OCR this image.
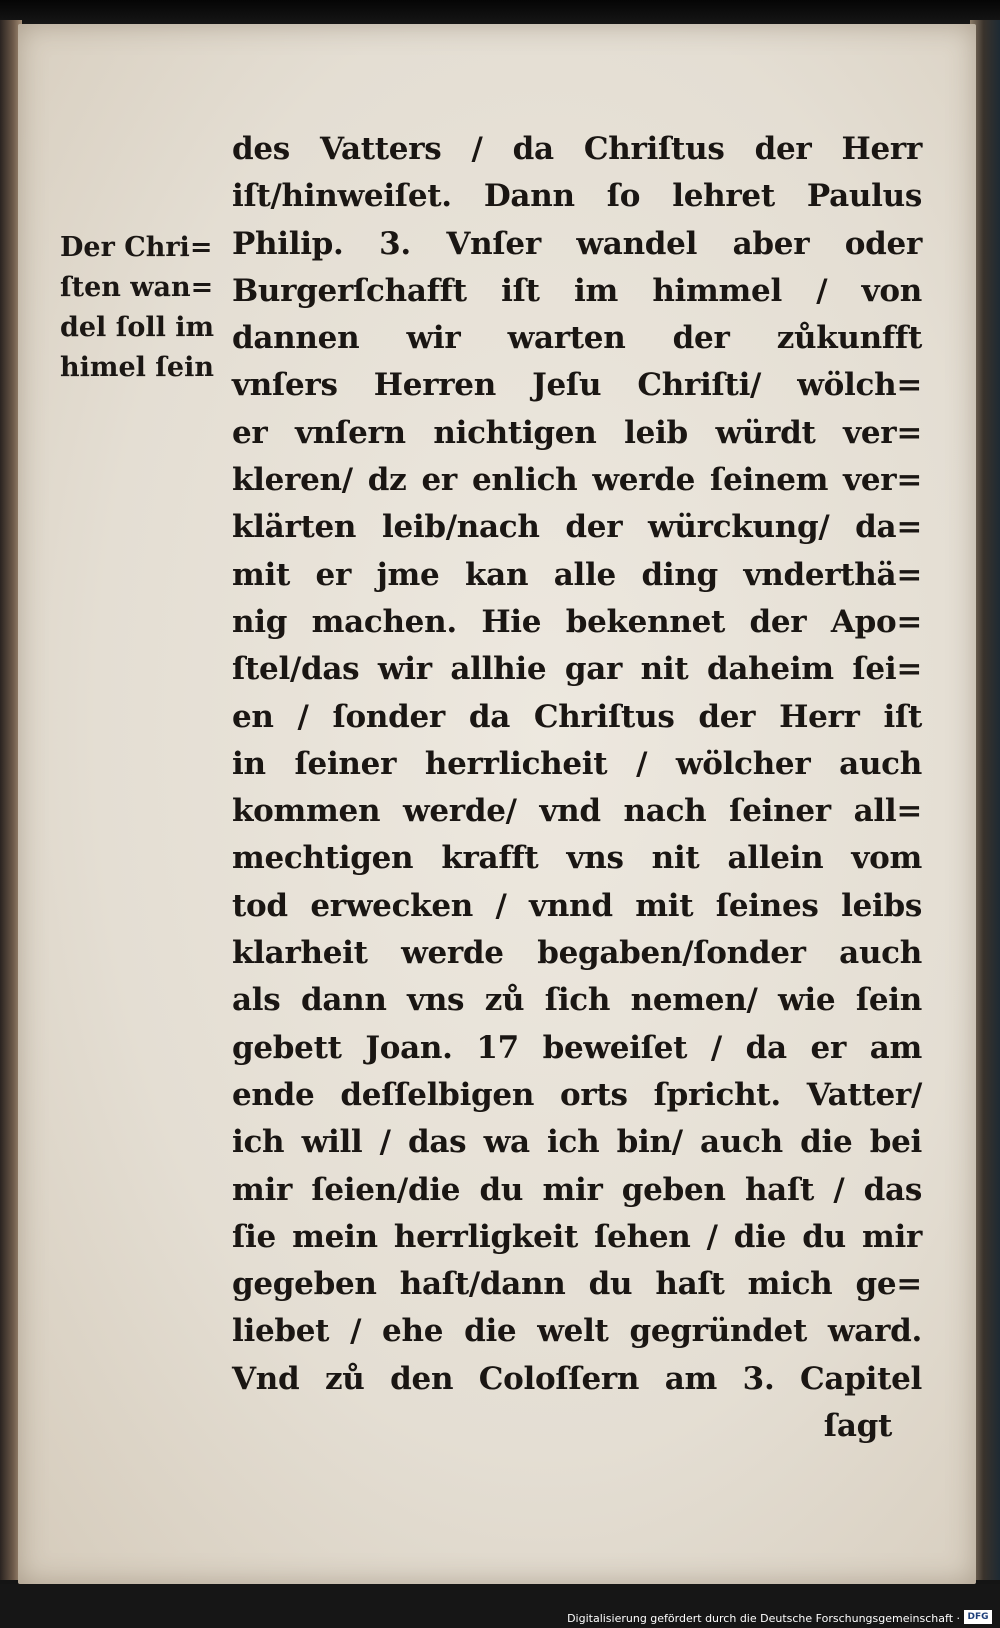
Der Chri=
ſten wan=
del ſoll im
himel ſein
des Vatters / da Chriſtus der Herr
iſt/hinweiſet. Dann ſo lehret Paulus
Philip. 3. Vnſer wandel aber oder
Burgerſchafft iſt im himmel / von
dannen wir warten der zůkunfft
vnſers Herren Jeſu Chriſti/ wölch=
er vnſern nichtigen leib würdt ver=
kleren/ dz er enlich werde ſeinem ver=
klärten leib/nach der würckung/ da=
mit er jme kan alle ding vnderthä=
nig machen. Hie bekennet der Apo=
ſtel/das wir allhie gar nit daheim ſei=
en / ſonder da Chriſtus der Herr iſt
in ſeiner herrlicheit / wölcher auch
kommen werde/ vnd nach ſeiner all=
mechtigen krafft vns nit allein vom
tod erwecken / vnnd mit ſeines leibs
klarheit werde begaben/ſonder auch
als dann vns zů ſich nemen/ wie ſein
gebett Joan. 17 beweiſet / da er am
ende deſſelbigen orts ſpricht. Vatter/
ich will / das wa ich bin/ auch die bei
mir ſeien/die du mir geben haſt / das
ſie mein herrligkeit ſehen / die du mir
gegeben haſt/dann du haſt mich ge=
liebet / ehe die welt gegründet ward.
Vnd zů den Coloſſern am 3. Capitel
ſagt
Digitalisierung gefördert durch die Deutsche Forschungsgemeinschaft · DFG
